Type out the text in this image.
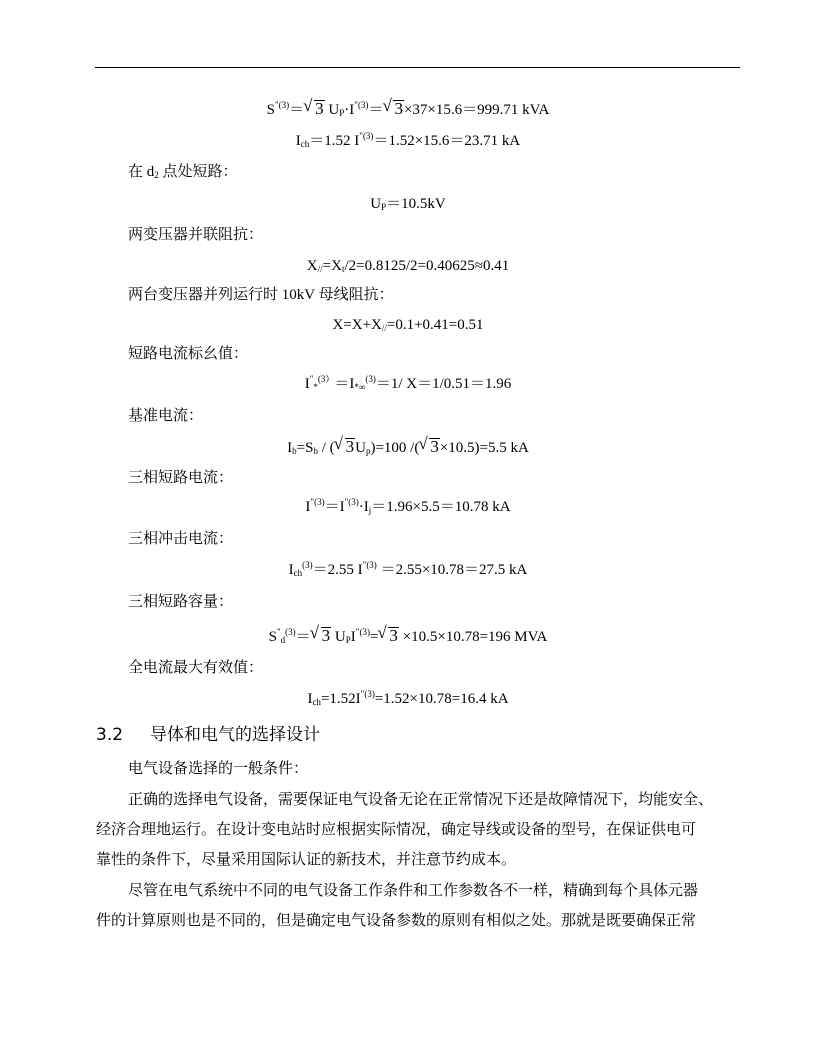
$S^{"(3)}=√$ 3 $U_P\cdot I^{"(3)}=√$ 3×37×15.6＝999.71 kVA
$I_{ch}=1.52$ $I^{"(3)}=1.52\times 15.6=23.71$ kA
在 $d_2$ 点处短路：
$U_P=10.5kV$
两变压器并联阻抗：
$X_{//}=X_t/2=0.8125/2=0.40625\approx 0.41$
两台变压器并列运行时 10kV 母线阻抗：
$X=X+X_{//}=0.1+0.41=0.51$
短路电流标幺值：
$I^"_*^{(3)}=I_{*\infty}^{(3)}=1/$ X＝1/0.51＝1.96
基准电流：
$I_b=S_b$ / (√ $3U_p)=100$ /(√ 3×10.5)=5.5 kA
三相短路电流：
$I^{"(3)}=I^{"(3)}\cdot I_j=1.96\times 5.5=10.78$ kA
三相冲击电流：
$I_{ch}^{(3)}=2.55$ $I^{"(3)} =2.55\times 10.78=27.5$ kA
三相短路容量：
$S^"_d^{(3)}=√$ 3 $U_PI^{"(3)}=√$ 3 ×10.5×10.78=196 MVA
全电流最大有效值：
$I_{ch}=1.52I^{"(3)}=1.52\times 10.78=16.4$ kA
3.2 导体和电气的选择设计
电气设备选择的一般条件：
正确的选择电气设备，需要保证电气设备无论在正常情况下还是故障情况下，均能安全、
经济合理地运行。在设计变电站时应根据实际情况，确定导线或设备的型号，在保证供电可
靠性的条件下，尽量采用国际认证的新技术，并注意节约成本。
尽管在电气系统中不同的电气设备工作条件和工作参数各不一样，精确到每个具体元器
件的计算原则也是不同的，但是确定电气设备参数的原则有相似之处。那就是既要确保正常
